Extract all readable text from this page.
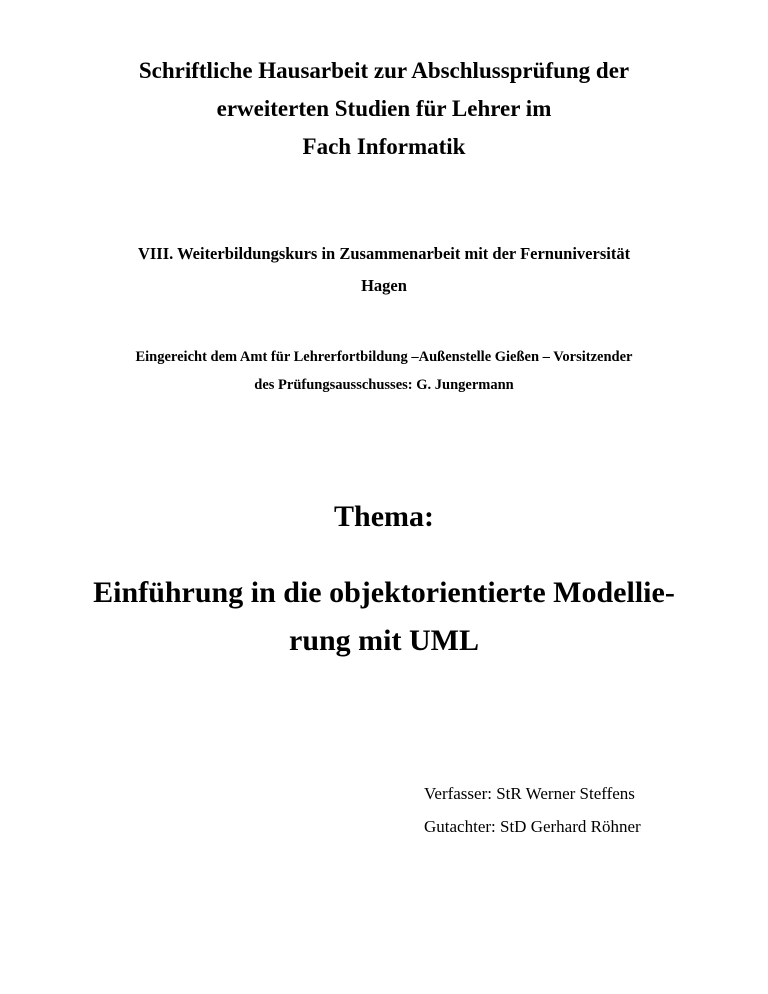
Schriftliche Hausarbeit zur Abschlussprüfung der
erweiterten Studien für Lehrer im
Fach Informatik
VIII. Weiterbildungskurs in Zusammenarbeit mit der Fernuniversität
Hagen
Eingereicht dem Amt für Lehrerfortbildung –Außenstelle Gießen – Vorsitzender
des Prüfungsausschusses: G. Jungermann
Thema:
Einführung in die objektorientierte Modellie-
rung mit UML
Verfasser: StR Werner Steffens
Gutachter: StD Gerhard Röhner
